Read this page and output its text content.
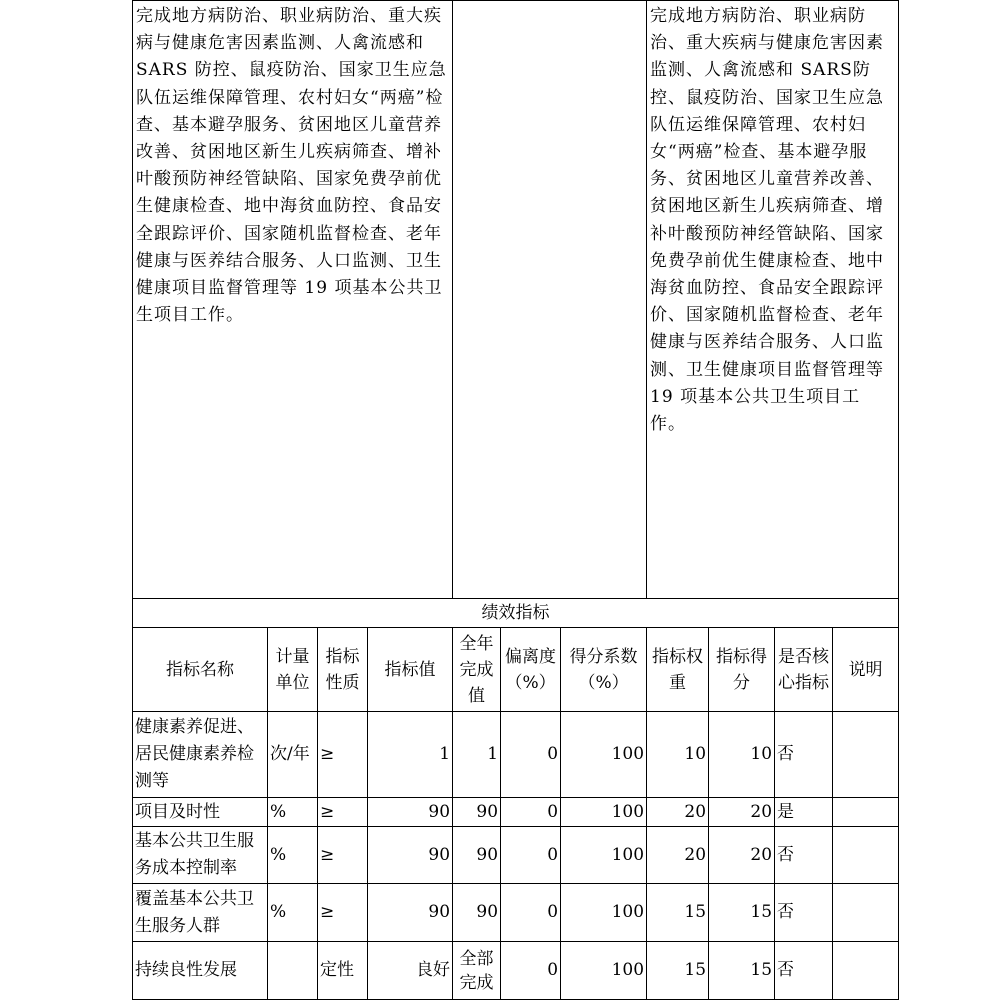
完成地方病防治、职业病防治、重大疾病与健康危害因素监测、人禽流感和SARS 防控、鼠疫防治、国家卫生应急队伍运维保障管理、农村妇女“两癌”检查、基本避孕服务、贫困地区儿童营养改善、贫困地区新生儿疾病筛查、增补叶酸预防神经管缺陷、国家免费孕前优生健康检查、地中海贫血防控、食品安全跟踪评价、国家随机监督检查、老年健康与医养结合服务、人口监测、卫生健康项目监督管理等 19 项基本公共卫生项目工作。							完成地方病防治、职业病防治、重大疾病与健康危害因素监测、人禽流感和 SARS防控、鼠疫防治、国家卫生应急队伍运维保障管理、农村妇女“两癌”检查、基本避孕服务、贫困地区儿童营养改善、贫困地区新生儿疾病筛查、增补叶酸预防神经管缺陷、国家免费孕前优生健康检查、地中海贫血防控、食品安全跟踪评价、国家随机监督检查、老年健康与医养结合服务、人口监测、卫生健康项目监督管理等 19 项基本公共卫生项目工作。			
绩效指标										
指标名称	计量单位	指标性质	指标值	全年完成值	偏离度（%）	得分系数（%）	指标权重	指标得分	是否核心指标	说明
健康素养促进、居民健康素养检测等	次/年	≥	1	1	0	100	10	10	否	
项目及时性	%	≥	90	90	0	100	20	20	是	
基本公共卫生服务成本控制率	%	≥	90	90	0	100	20	20	否	
覆盖基本公共卫生服务人群	%	≥	90	90	0	100	15	15	否	
持续良性发展		定性	良好	全部完成	0	100	15	15	否	
